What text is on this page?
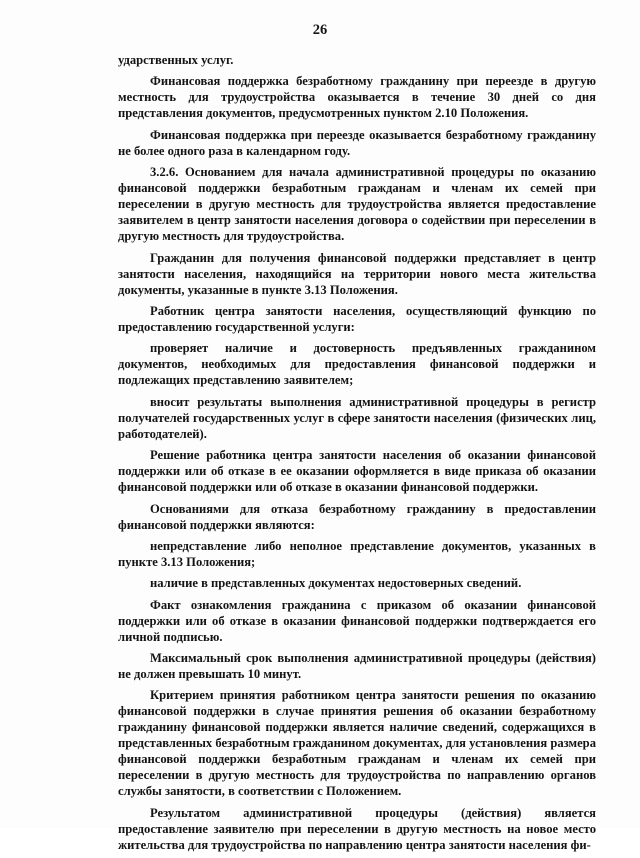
26

ударственных услуг.

Финансовая поддержка безработному гражданину при переезде в другую местность для трудоустройства оказывается в течение 30 дней со дня представления документов, предусмотренных пунктом 2.10 Положения.

Финансовая поддержка при переезде оказывается безработному гражданину не более одного раза в календарном году.

3.2.6. Основанием для начала административной процедуры по оказанию финансовой поддержки безработным гражданам и членам их семей при переселении в другую местность для трудоустройства является предоставление заявителем в центр занятости населения договора о содействии при переселении в другую местность для трудоустройства.

Гражданин для получения финансовой поддержки представляет в центр занятости населения, находящийся на территории нового места жительства документы, указанные в пункте 3.13 Положения.

Работник центра занятости населения, осуществляющий функцию по предоставлению государственной услуги:

проверяет наличие и достоверность предъявленных гражданином документов, необходимых для предоставления финансовой поддержки и подлежащих представлению заявителем;

вносит результаты выполнения административной процедуры в регистр получателей государственных услуг в сфере занятости населения (физических лиц, работодателей).

Решение работника центра занятости населения об оказании финансовой поддержки или об отказе в ее оказании оформляется в виде приказа об оказании финансовой поддержки или об отказе в оказании финансовой поддержки.

Основаниями для отказа безработному гражданину в предоставлении финансовой поддержки являются:

непредставление либо неполное представление документов, указанных в пункте 3.13 Положения;

наличие в представленных документах недостоверных сведений.

Факт ознакомления гражданина с приказом об оказании финансовой поддержки или об отказе в оказании финансовой поддержки подтверждается его личной подписью.

Максимальный срок выполнения административной процедуры (действия) не должен превышать 10 минут.

Критерием принятия работником центра занятости решения по оказанию финансовой поддержки в случае принятия решения об оказании безработному гражданину финансовой поддержки является наличие сведений, содержащихся в представленных безработным гражданином документах, для установления размера финансовой поддержки безработным гражданам и членам их семей при переселении в другую местность для трудоустройства по направлению органов службы занятости, в соответствии с Положением.

Результатом административной процедуры (действия) является предоставление заявителю при переселении в другую местность на новое место жительства для трудоустройства по направлению центра занятости населения фи-
